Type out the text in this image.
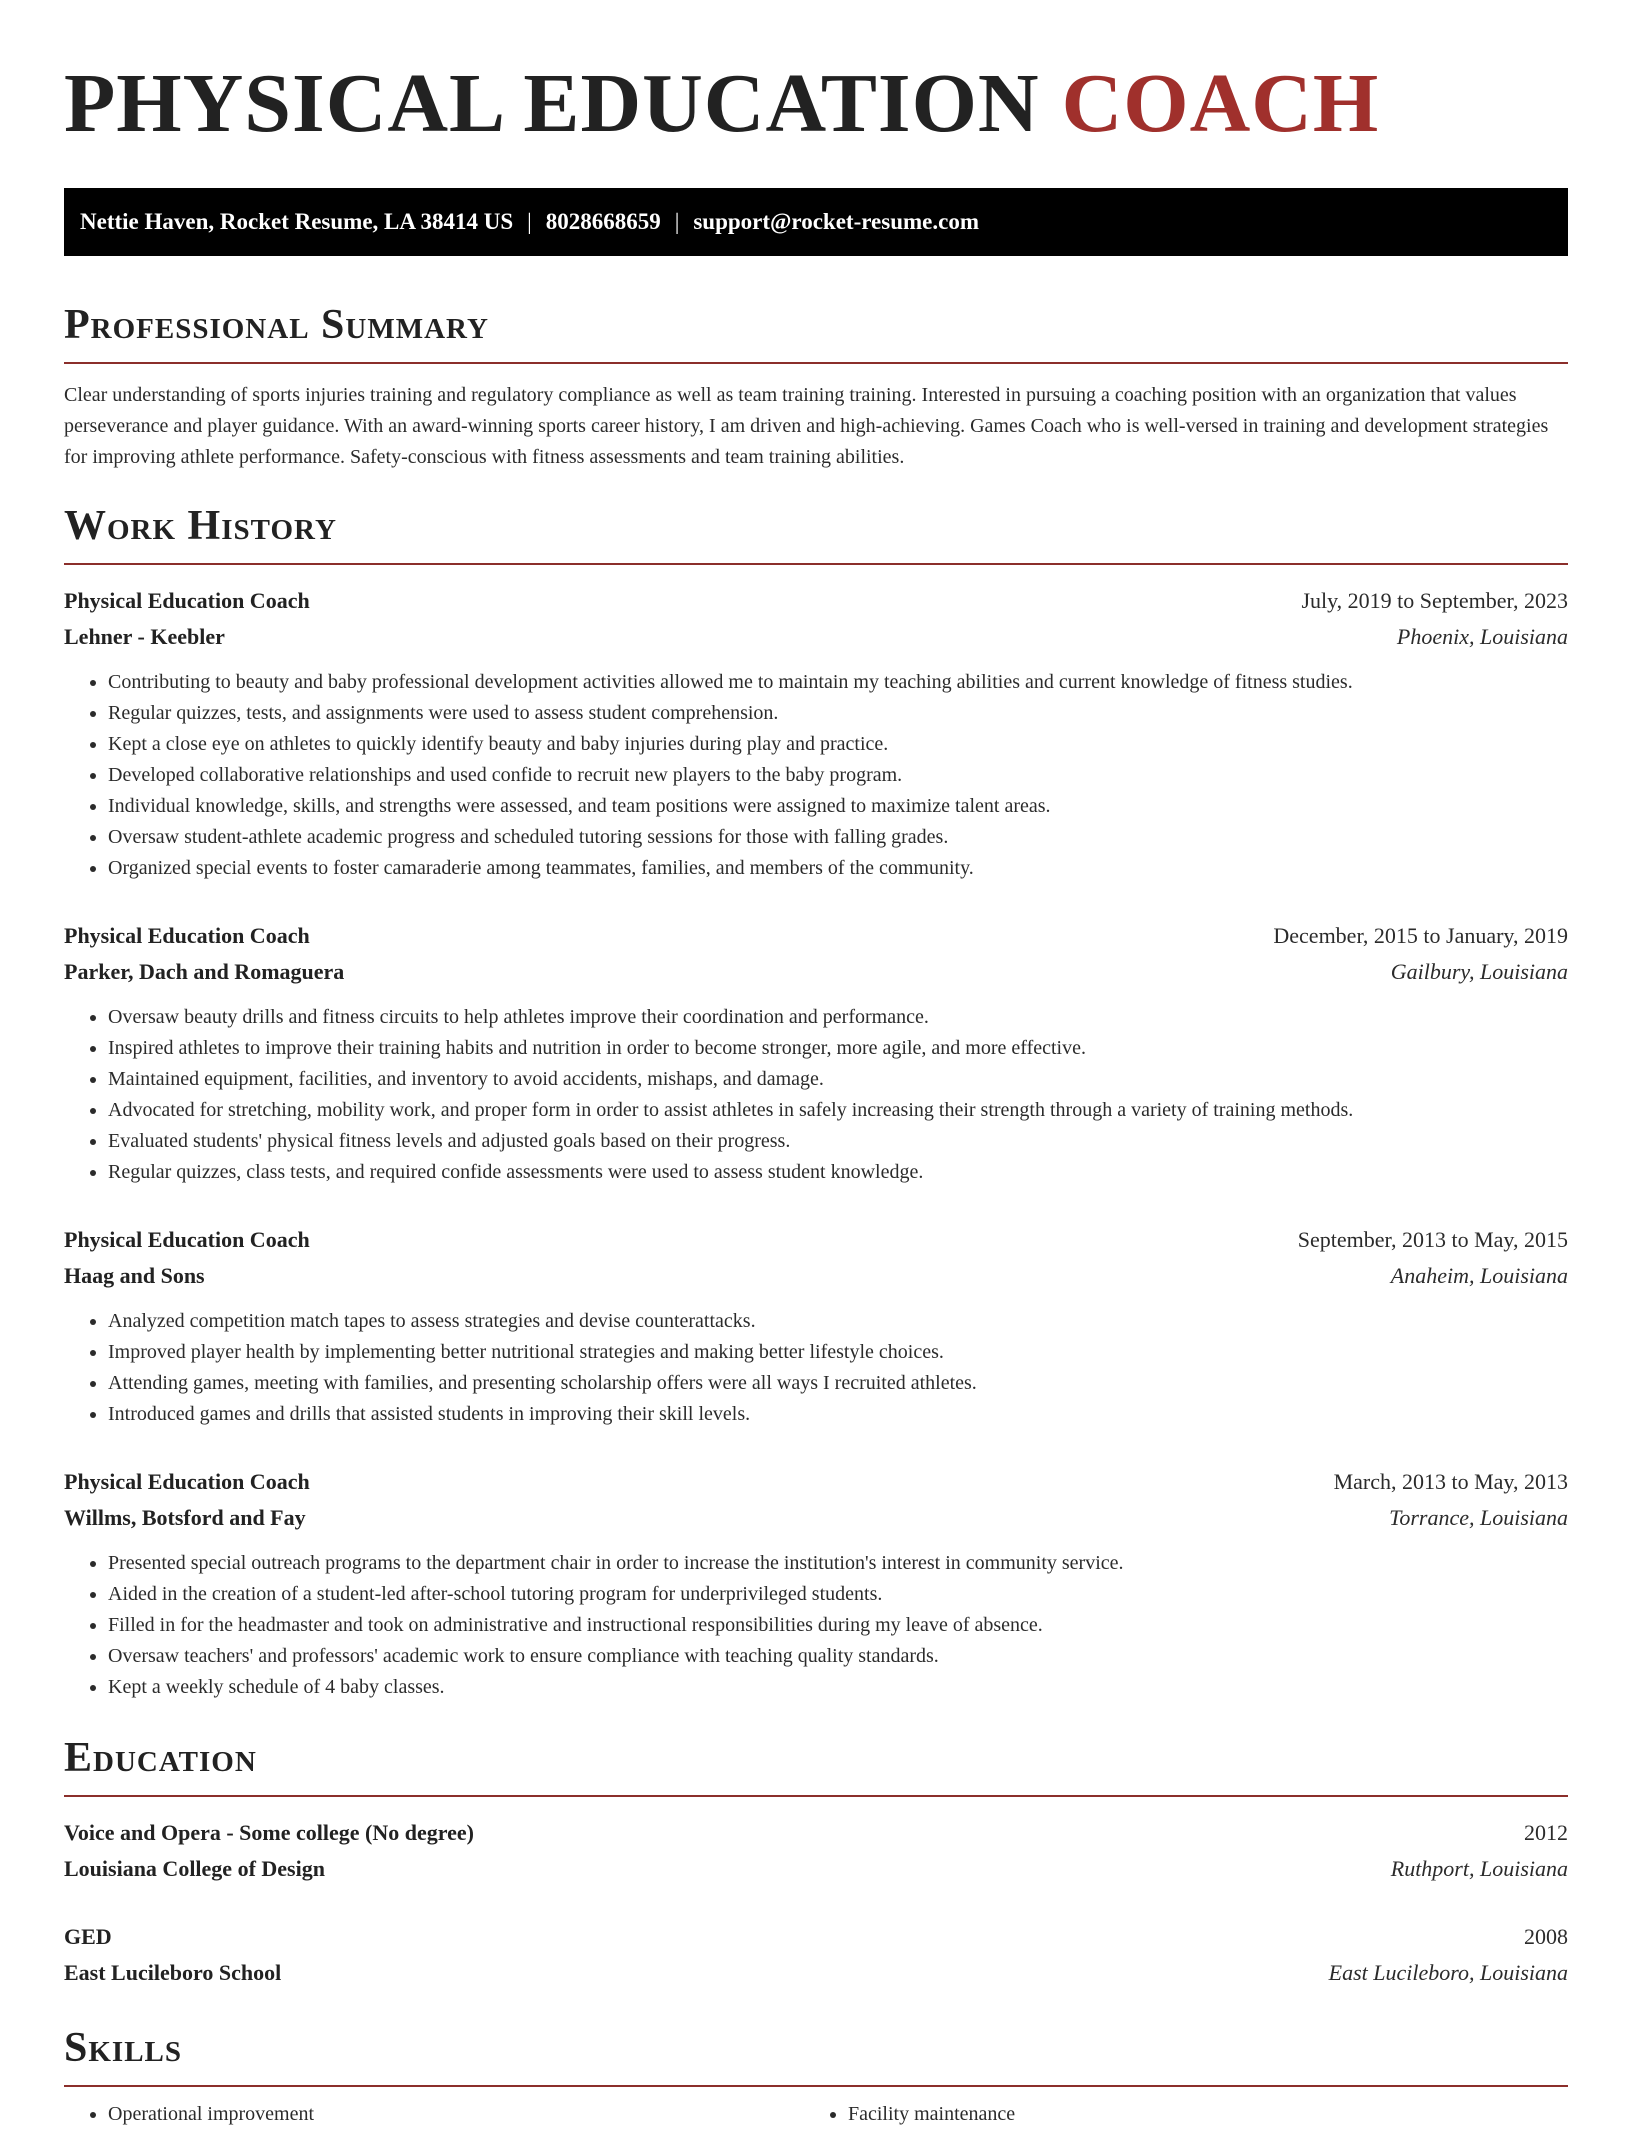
PHYSICAL EDUCATION COACH
Nettie Haven, Rocket Resume, LA 38414 US | 8028668659 | support@rocket-resume.com
Professional Summary

Clear understanding of sports injuries training and regulatory compliance as well as team training training. Interested in pursuing a coaching position with an organization that values perseverance and player guidance. With an award-winning sports career history, I am driven and high-achieving. Games Coach who is well-versed in training and development strategies for improving athlete performance. Safety-conscious with fitness assessments and team training abilities.

Work History
Physical Education Coach	July, 2019 to September, 2023
Lehner - Keebler	Phoenix, Louisiana
• Contributing to beauty and baby professional development activities allowed me to maintain my teaching abilities and current knowledge of fitness studies.
• Regular quizzes, tests, and assignments were used to assess student comprehension.
• Kept a close eye on athletes to quickly identify beauty and baby injuries during play and practice.
• Developed collaborative relationships and used confide to recruit new players to the baby program.
• Individual knowledge, skills, and strengths were assessed, and team positions were assigned to maximize talent areas.
• Oversaw student-athlete academic progress and scheduled tutoring sessions for those with falling grades.
• Organized special events to foster camaraderie among teammates, families, and members of the community.
Physical Education Coach	December, 2015 to January, 2019
Parker, Dach and Romaguera	Gailbury, Louisiana
• Oversaw beauty drills and fitness circuits to help athletes improve their coordination and performance.
• Inspired athletes to improve their training habits and nutrition in order to become stronger, more agile, and more effective.
• Maintained equipment, facilities, and inventory to avoid accidents, mishaps, and damage.
• Advocated for stretching, mobility work, and proper form in order to assist athletes in safely increasing their strength through a variety of training methods.
• Evaluated students' physical fitness levels and adjusted goals based on their progress.
• Regular quizzes, class tests, and required confide assessments were used to assess student knowledge.
Physical Education Coach	September, 2013 to May, 2015
Haag and Sons	Anaheim, Louisiana
• Analyzed competition match tapes to assess strategies and devise counterattacks.
• Improved player health by implementing better nutritional strategies and making better lifestyle choices.
• Attending games, meeting with families, and presenting scholarship offers were all ways I recruited athletes.
• Introduced games and drills that assisted students in improving their skill levels.
Physical Education Coach	March, 2013 to May, 2013
Willms, Botsford and Fay	Torrance, Louisiana
• Presented special outreach programs to the department chair in order to increase the institution's interest in community service.
• Aided in the creation of a student-led after-school tutoring program for underprivileged students.
• Filled in for the headmaster and took on administrative and instructional responsibilities during my leave of absence.
• Oversaw teachers' and professors' academic work to ensure compliance with teaching quality standards.
• Kept a weekly schedule of 4 baby classes.
Education
Voice and Opera - Some college (No degree)	2012
Louisiana College of Design	Ruthport, Louisiana
GED	2008
East Lucileboro School	East Lucileboro, Louisiana
Skills
• Operational improvement
•	Facility maintenance
